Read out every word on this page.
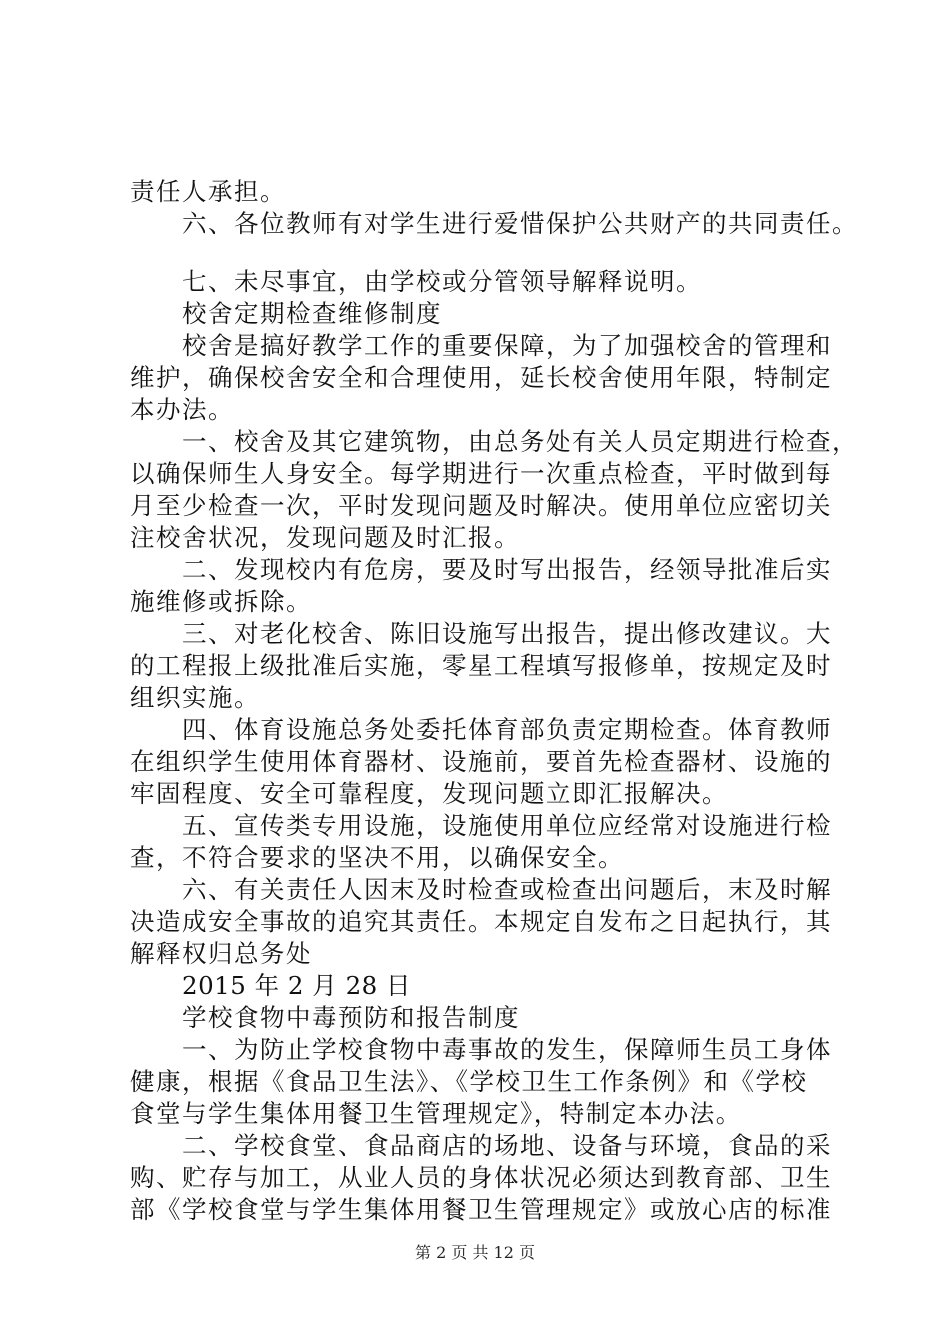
责任人承担。
六、各位教师有对学生进行爱惜保护公共财产的共同责任。
七、未尽事宜，由学校或分管领导解释说明。
校舍定期检查维修制度
校舍是搞好教学工作的重要保障，为了加强校舍的管理和
维护，确保校舍安全和合理使用，延长校舍使用年限，特制定
本办法。
一、校舍及其它建筑物，由总务处有关人员定期进行检查，
以确保师生人身安全。每学期进行一次重点检查，平时做到每
月至少检查一次，平时发现问题及时解决。使用单位应密切关
注校舍状况，发现问题及时汇报。
二、发现校内有危房，要及时写出报告，经领导批准后实
施维修或拆除。
三、对老化校舍、陈旧设施写出报告，提出修改建议。大
的工程报上级批准后实施，零星工程填写报修单，按规定及时
组织实施。
四、体育设施总务处委托体育部负责定期检查。体育教师
在组织学生使用体育器材、设施前，要首先检查器材、设施的
牢固程度、安全可靠程度，发现问题立即汇报解决。
五、宣传类专用设施，设施使用单位应经常对设施进行检
查，不符合要求的坚决不用，以确保安全。
六、有关责任人因末及时检查或检查出问题后，末及时解
决造成安全事故的追究其责任。本规定自发布之日起执行，其
解释权归总务处
2015 年 2 月 28 日
学校食物中毒预防和报告制度
一、为防止学校食物中毒事故的发生，保障师生员工身体
健康，根据《食品卫生法》、《学校卫生工作条例》和《学校
食堂与学生集体用餐卫生管理规定》，特制定本办法。
二、学校食堂、食品商店的场地、设备与环境，食品的采
购、贮存与加工，从业人员的身体状况必须达到教育部、卫生
部《学校食堂与学生集体用餐卫生管理规定》或放心店的标准
第 2 页 共 12 页
